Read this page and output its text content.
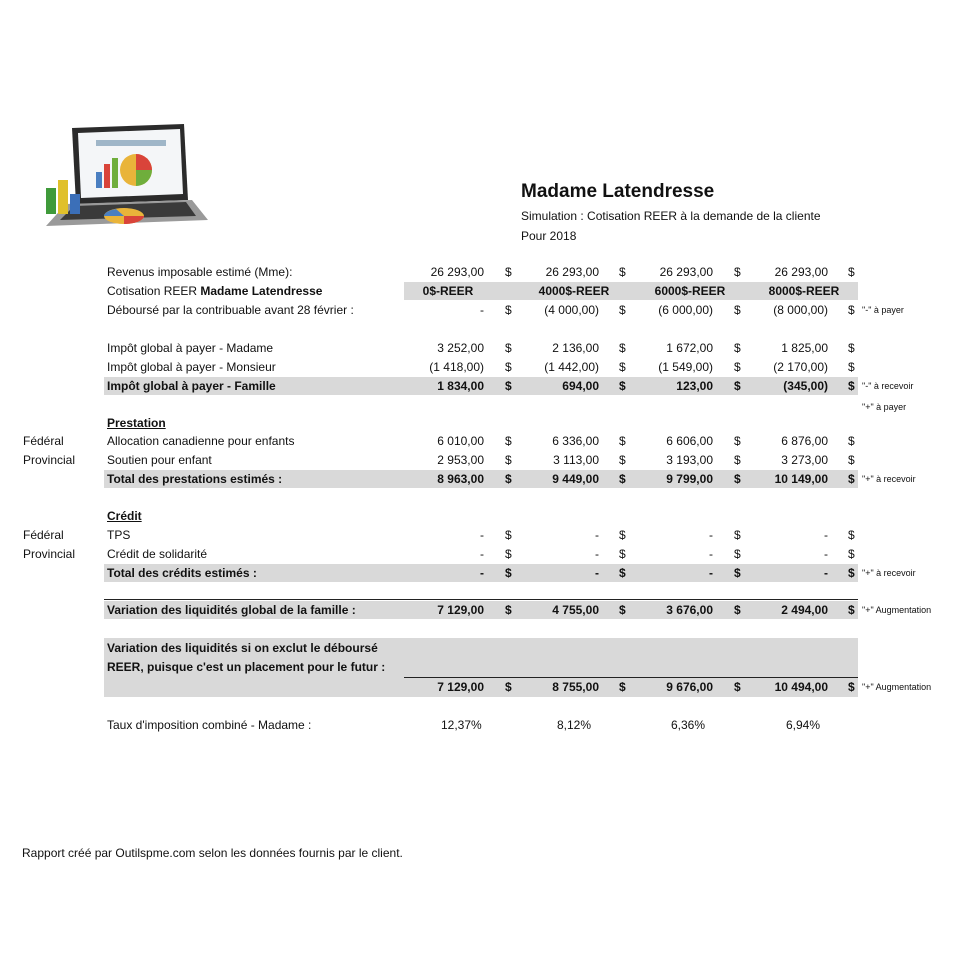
Madame Latendresse
Simulation : Cotisation REER à la demande de la cliente
Pour 2018
Revenus imposable estimé (Mme):	26 293,00 $	26 293,00 $	26 293,00 $	26 293,00 $
Cotisation REER Madame Latendresse	0$-REER	4000$-REER	6000$-REER	8000$-REER
Déboursé par la contribuable avant 28 février :	- $	(4 000,00) $	(6 000,00) $	(8 000,00) $ "-" à payer
Impôt global à payer - Madame	3 252,00 $	2 136,00 $	1 672,00 $	1 825,00 $
Impôt global à payer - Monsieur	(1 418,00) $	(1 442,00) $	(1 549,00) $	(2 170,00) $
Impôt global à payer - Famille	1 834,00 $	694,00 $	123,00 $	(345,00) $ "-" à recevoir
"+" à payer
Prestation
Fédéral	Allocation canadienne pour enfants	6 010,00 $	6 336,00 $	6 606,00 $	6 876,00 $
Provincial	Soutien pour enfant	2 953,00 $	3 113,00 $	3 193,00 $	3 273,00 $
Total des prestations estimés :	8 963,00 $	9 449,00 $	9 799,00 $	10 149,00 $ "+" à recevoir
Crédit
Fédéral	TPS	- $	- $	- $	- $
Provincial	Crédit de solidarité	- $	- $	- $	- $
Total des crédits estimés :	- $	- $	- $	- $ "+" à recevoir
Variation des liquidités global de la famille :	7 129,00 $	4 755,00 $	3 676,00 $	2 494,00 $ "+" Augmentation
Variation des liquidités si on exclut le déboursé
REER, puisque c'est un placement pour le futur :
7 129,00 $	8 755,00 $	9 676,00 $	10 494,00 $ "+" Augmentation
Taux d'imposition combiné - Madame :	12,37%	8,12%	6,36%	6,94%
Rapport créé par Outilspme.com selon les données fournis par le client.
